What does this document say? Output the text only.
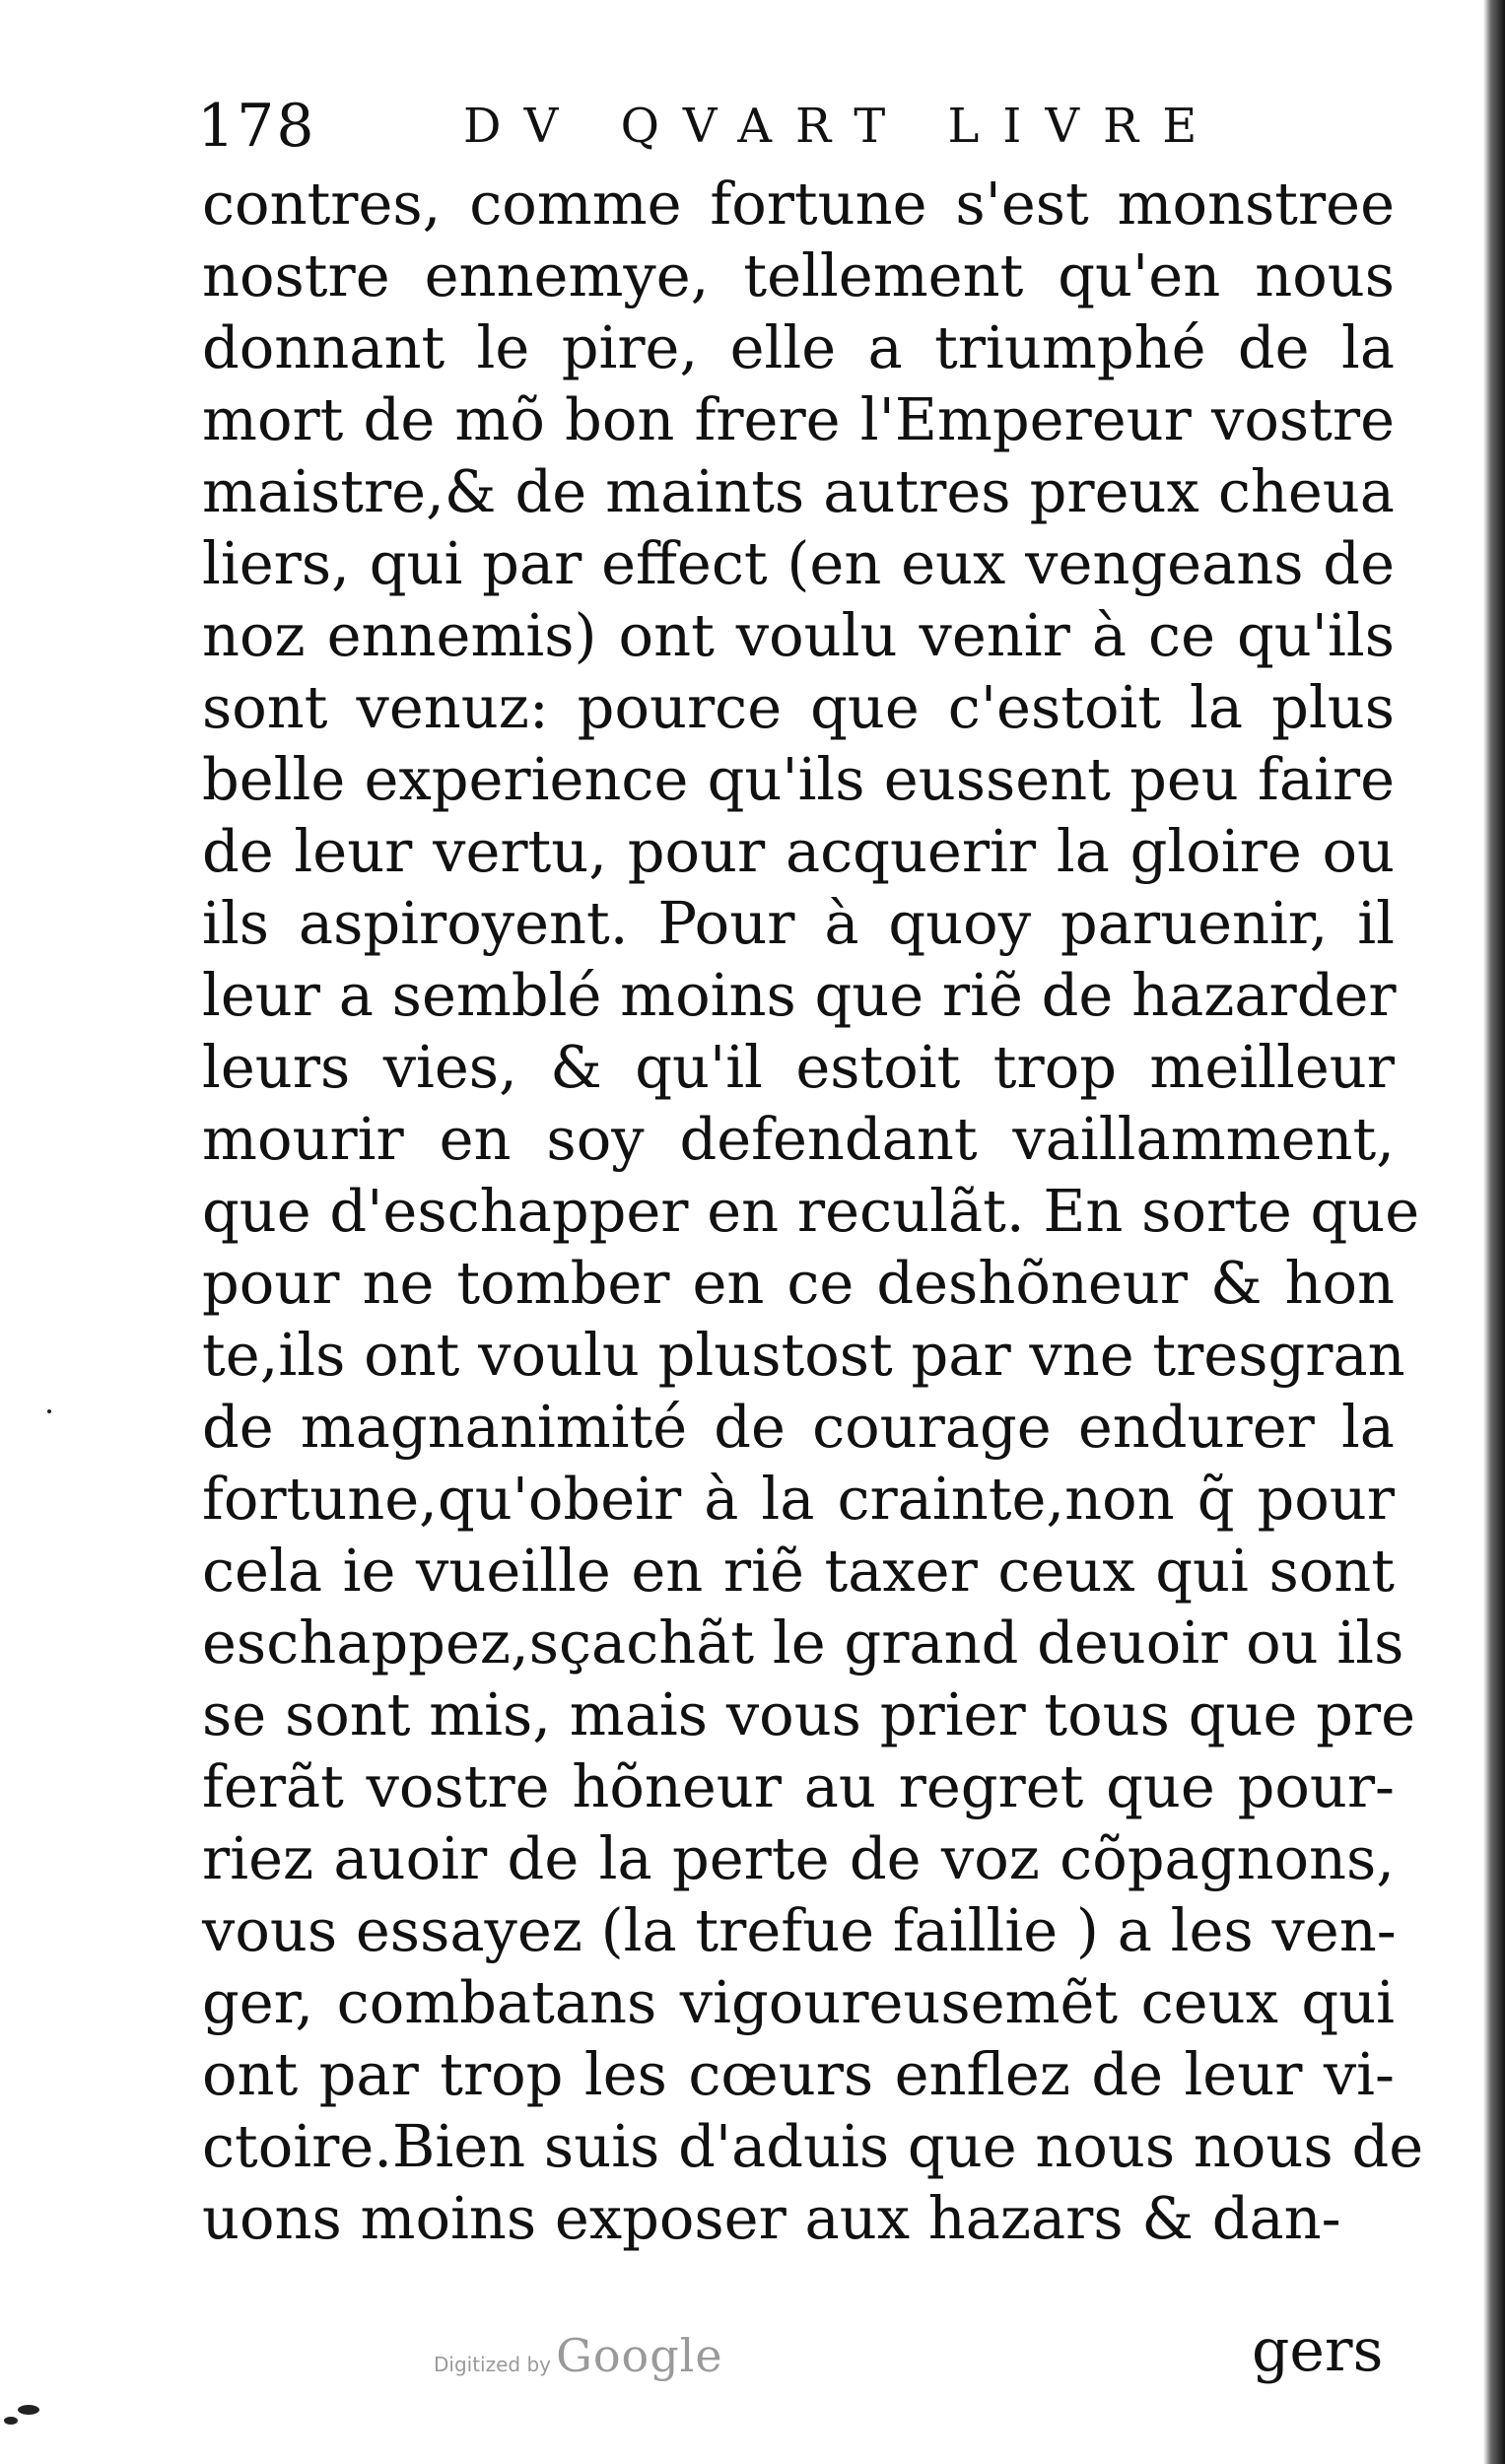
178	DV QVART LIVRE
contres, comme fortune s'est monstree
nostre ennemye, tellement qu'en nous
donnant le pire, elle a triumphé de la
mort de mõ bon frere l'Empereur vostre
maistre,& de maints autres preux cheua
liers, qui par effect (en eux vengeans de
noz ennemis) ont voulu venir à ce qu'ils
sont venuz: pource que c'estoit la plus
belle experience qu'ils eussent peu faire
de leur vertu, pour acquerir la gloire ou
ils aspiroyent. Pour à quoy paruenir, il
leur a semblé moins que riẽ de hazarder
leurs vies, & qu'il estoit trop meilleur
mourir en soy defendant vaillamment,
que d'eschapper en reculãt. En sorte que
pour ne tomber en ce deshõneur & hon
te,ils ont voulu plustost par vne tresgran
de magnanimité de courage endurer la
fortune,qu'obeir à la crainte,non q̃ pour
cela ie vueille en riẽ taxer ceux qui sont
eschappez,sçachãt le grand deuoir ou ils
se sont mis, mais vous prier tous que pre
ferãt vostre hõneur au regret que pour-
riez auoir de la perte de voz cõpagnons,
vous essayez (la trefue faillie ) a les ven-
ger, combatans vigoureusemẽt ceux qui
ont par trop les cœurs enflez de leur vi-
ctoire.Bien suis d'aduis que nous nous de
uons moins exposer aux hazars & dan-
gers
Digitized by Google
